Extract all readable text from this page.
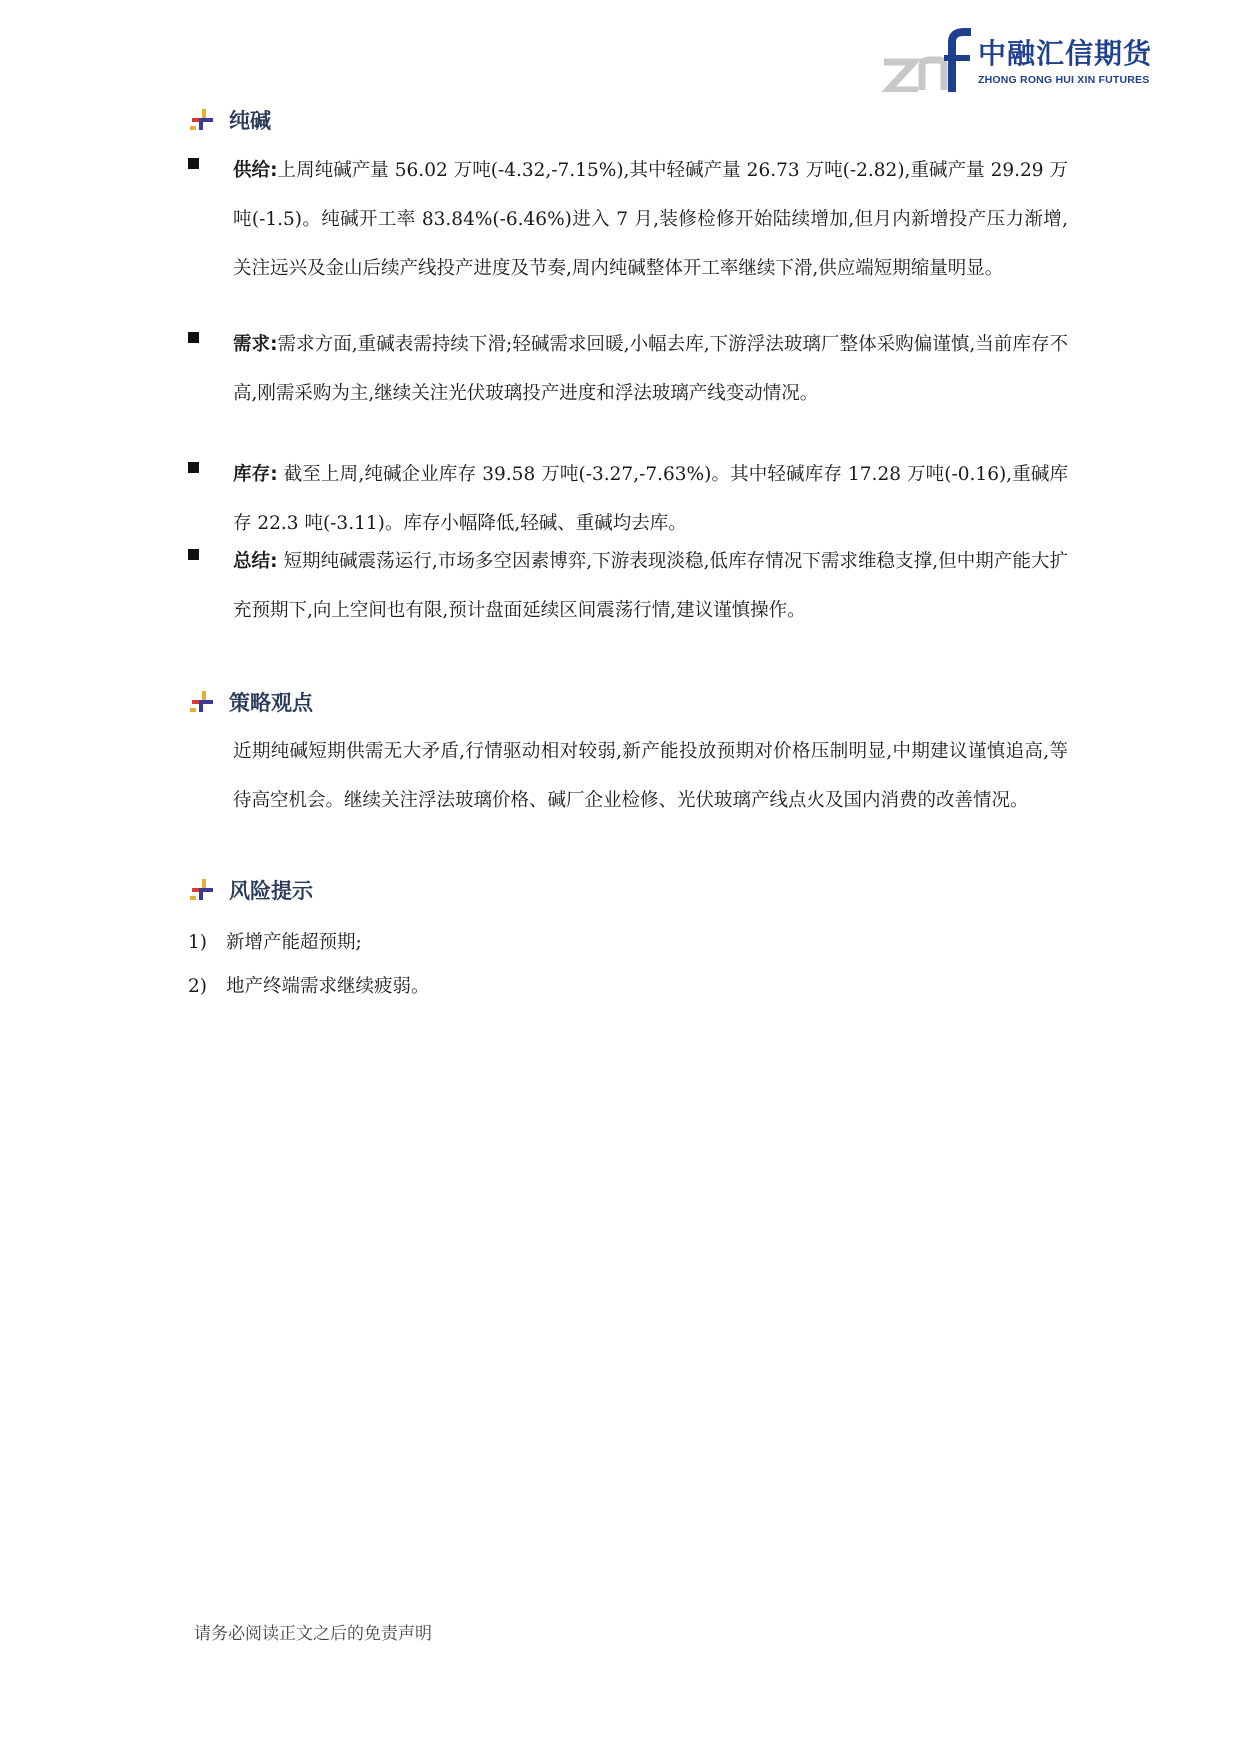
中融汇信期货
ZHONG RONG HUI XIN FUTURES
纯碱
供给:上周纯碱产量 56.02 万吨(-4.32,-7.15%),其中轻碱产量 26.73 万吨(-2.82),重碱产量 29.29 万吨(-1.5)。纯碱开工率 83.84%(-6.46%)进入 7 月,装修检修开始陆续增加,但月内新增投产压力渐增,关注远兴及金山后续产线投产进度及节奏,周内纯碱整体开工率继续下滑,供应端短期缩量明显。
需求:需求方面,重碱表需持续下滑;轻碱需求回暖,小幅去库,下游浮法玻璃厂整体采购偏谨慎,当前库存不高,刚需采购为主,继续关注光伏玻璃投产进度和浮法玻璃产线变动情况。
库存: 截至上周,纯碱企业库存 39.58 万吨(-3.27,-7.63%)。其中轻碱库存 17.28 万吨(-0.16),重碱库存 22.3 吨(-3.11)。库存小幅降低,轻碱、重碱均去库。
总结: 短期纯碱震荡运行,市场多空因素博弈,下游表现淡稳,低库存情况下需求维稳支撑,但中期产能大扩充预期下,向上空间也有限,预计盘面延续区间震荡行情,建议谨慎操作。
策略观点
近期纯碱短期供需无大矛盾,行情驱动相对较弱,新产能投放预期对价格压制明显,中期建议谨慎追高,等待高空机会。继续关注浮法玻璃价格、碱厂企业检修、光伏玻璃产线点火及国内消费的改善情况。
风险提示
1) 新增产能超预期;
2) 地产终端需求继续疲弱。
请务必阅读正文之后的免责声明
